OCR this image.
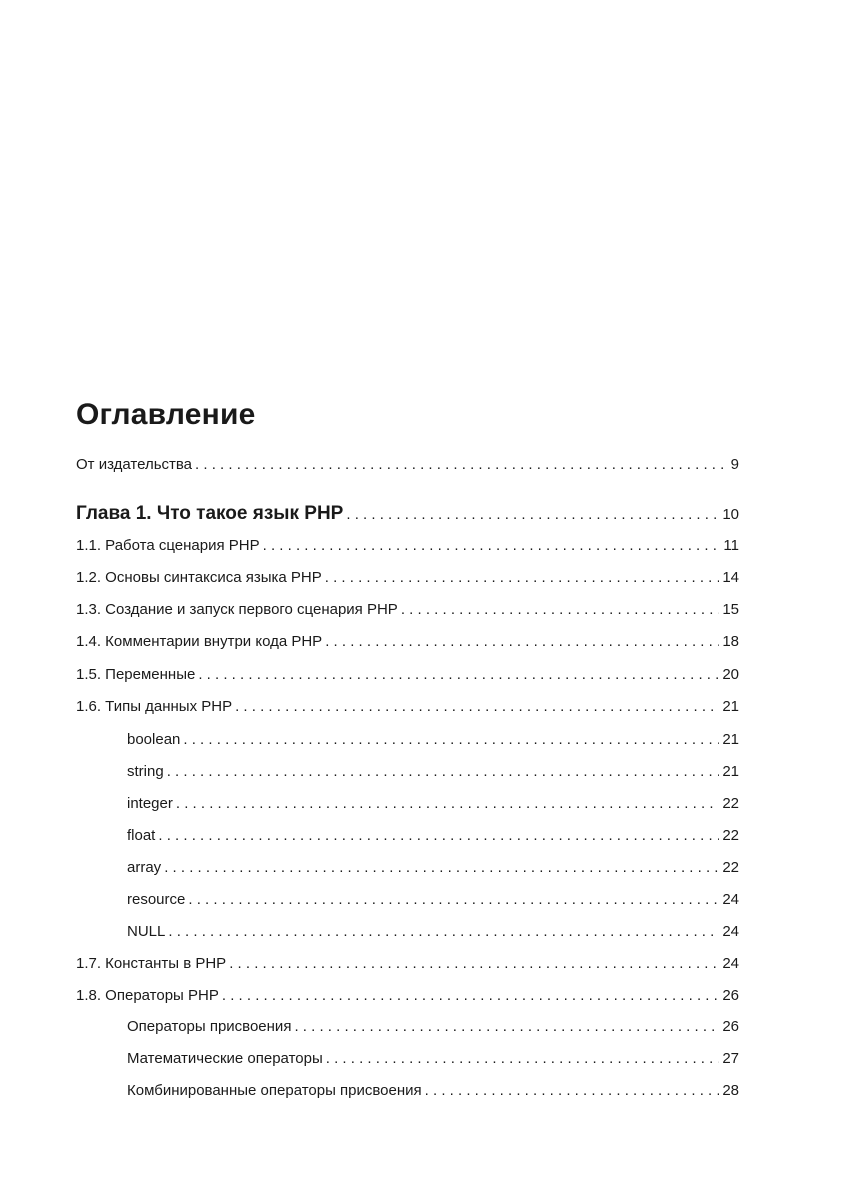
Оглавление
От издательства . . .	9
Глава 1. Что такое язык PHP . . .	10
1.1. Работа сценария PHP . . .	11
1.2. Основы синтаксиса языка PHP . . .	14
1.3. Создание и запуск первого сценария PHP . . .	15
1.4. Комментарии внутри кода PHP . . .	18
1.5. Переменные . . .	20
1.6. Типы данных PHP . . .	21
boolean . . .	21
string . . .	21
integer . . .	22
float . . .	22
array . . .	22
resource . . .	24
NULL . . .	24
1.7. Константы в PHP . . .	24
1.8. Операторы PHP . . .	26
Операторы присвоения . . .	26
Математические операторы . . .	27
Комбинированные операторы присвоения . . .	28
